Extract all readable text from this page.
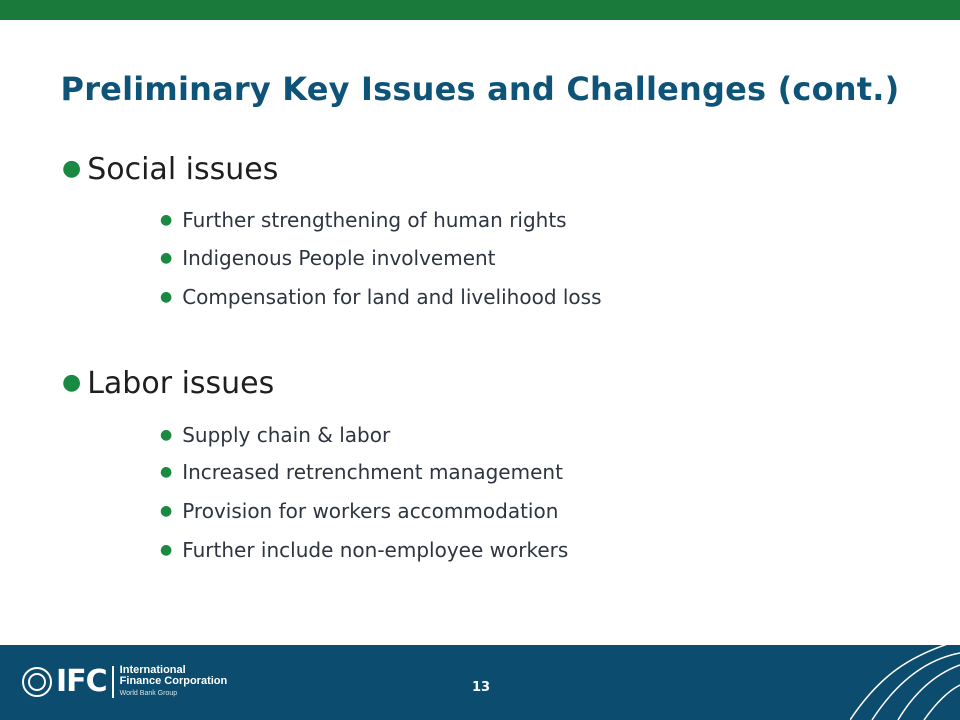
Preliminary Key Issues and Challenges (cont.)
● Social issues
● Further strengthening of human rights
● Indigenous People involvement
● Compensation for land and livelihood loss
● Labor issues
● Supply chain & labor
● Increased retrenchment management
● Provision for workers accommodation
● Further include non-employee workers
IFC International
Finance Corporation
World Bank Group	13
